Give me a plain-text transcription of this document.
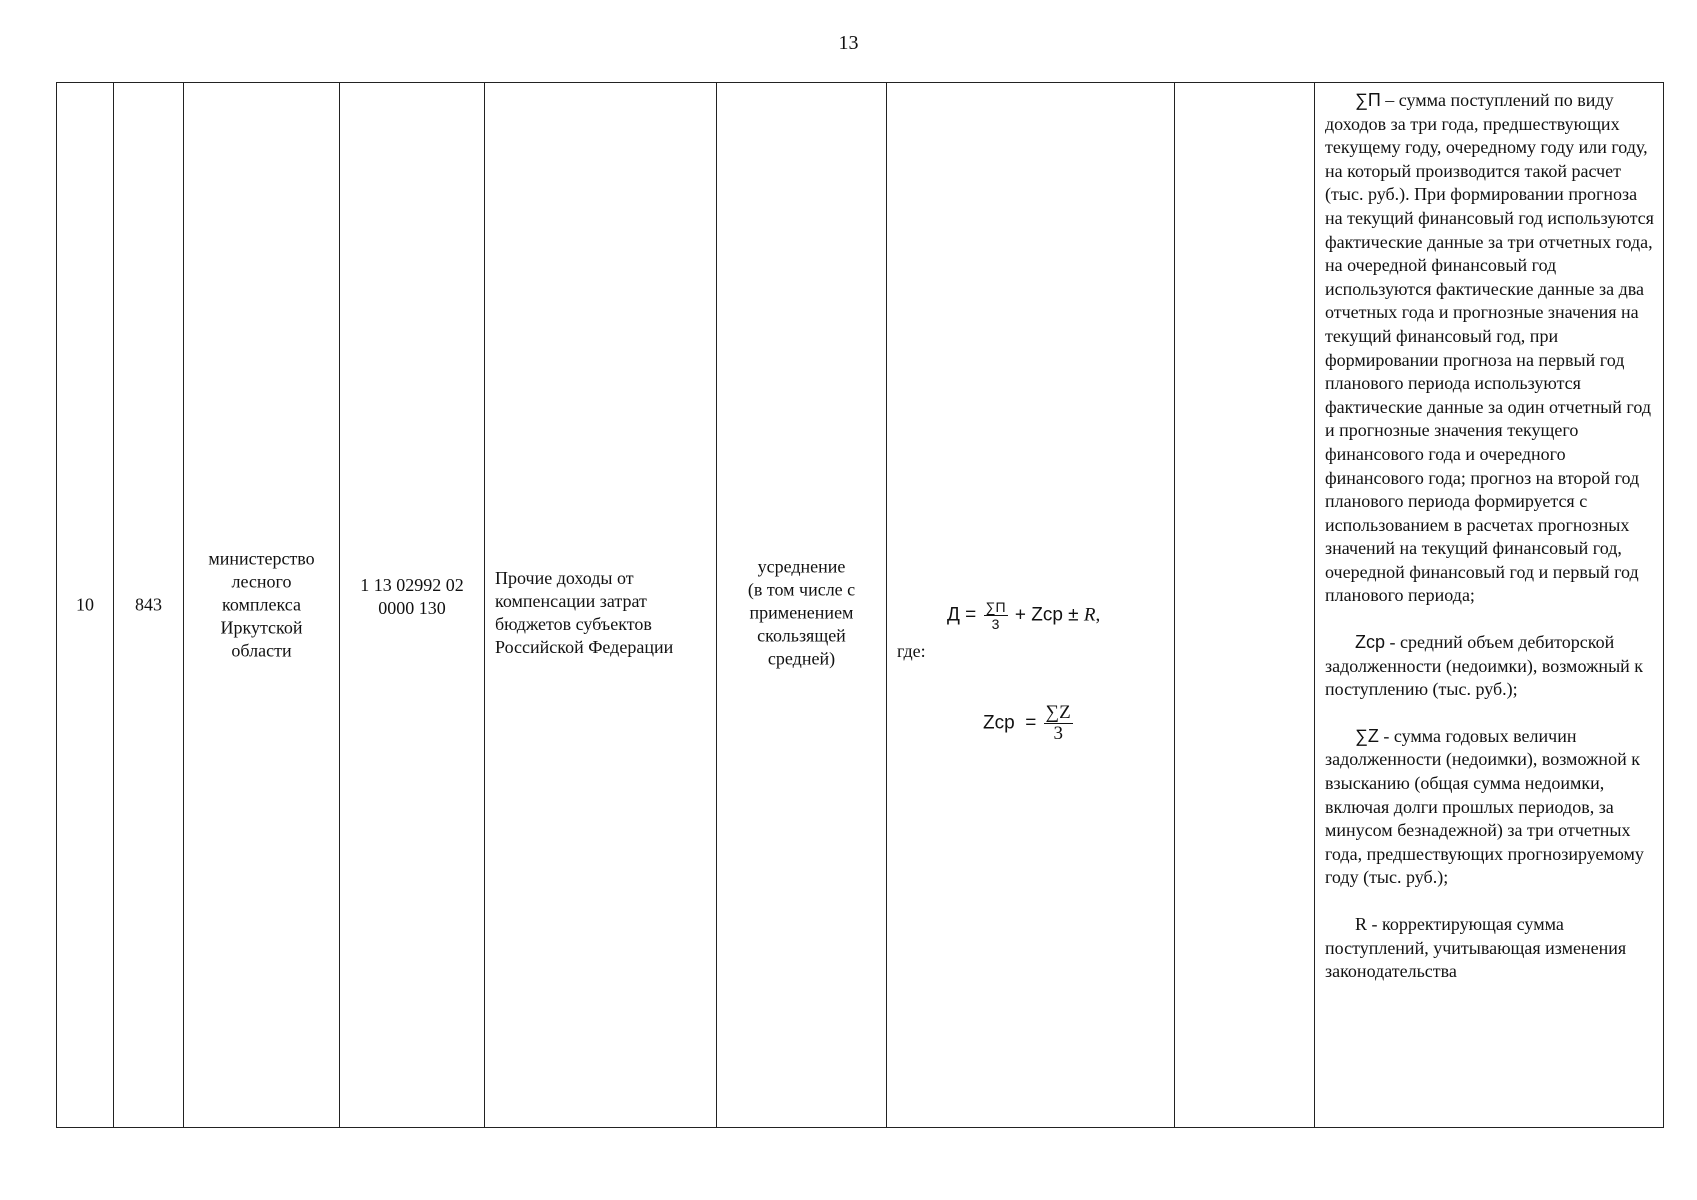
13
10	843
министерство
лесного
комплекса
Иркутской
области
1 13 02992 02
0000 130
Прочие доходы от
компенсации затрат
бюджетов субъектов
Российской Федерации
усреднение
(в том числе с
применением
скользящей
средней)	где:
$Д = \frac{\sum П}{3}$ + Zср ± R,
Zср  = $\frac{\sum Z}{3}$

∑П – сумма поступлений по виду доходов за три года, предшествующих текущему году, очередному году или году, на который производится такой расчет (тыс. руб.). При формировании прогноза на текущий финансовый год используются фактические данные за три отчетных года, на очередной финансовый год используются фактические данные за два отчетных года и прогнозные значения на текущий финансовый год, при формировании прогноза на первый год планового периода используются фактические данные за один отчетный год и прогнозные значения текущего финансового года и очередного финансового года; прогноз на второй год планового периода формируется с использованием в расчетах прогнозных значений на текущий финансовый год, очередной финансовый год и первый год планового периода;

Zср - средний объем дебиторской задолженности (недоимки), возможный к поступлению (тыс. руб.);

∑Z - сумма годовых величин задолженности (недоимки), возможной к взысканию (общая сумма недоимки, включая долги прошлых периодов, за минусом безнадежной) за три отчетных года, предшествующих прогнозируемому году (тыс. руб.);

R - корректирующая сумма поступлений, учитывающая изменения законодательства
